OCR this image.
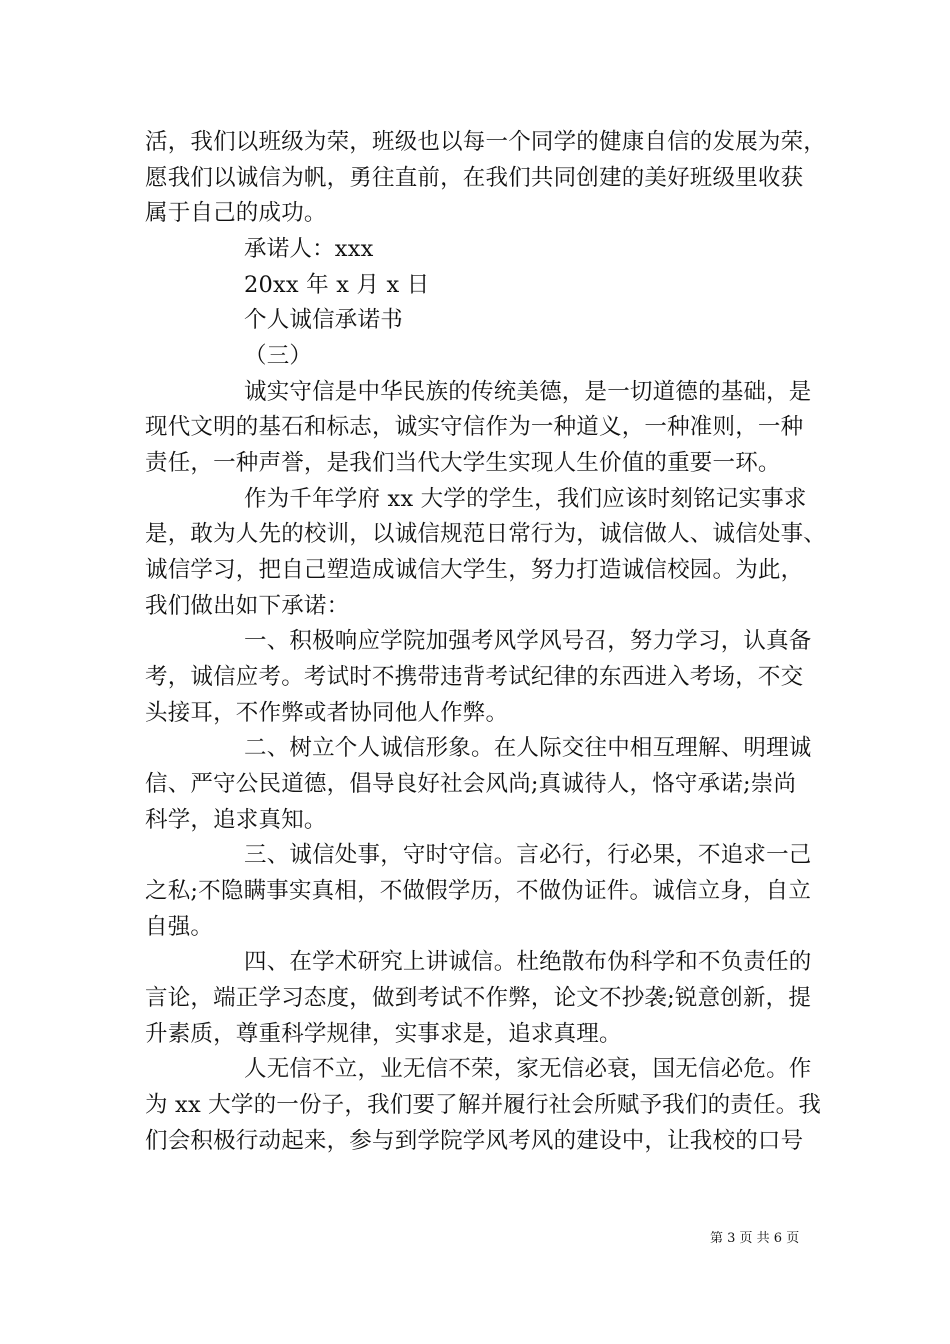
活，我们以班级为荣，班级也以每一个同学的健康自信的发展为荣，
愿我们以诚信为帆，勇往直前，在我们共同创建的美好班级里收获
属于自己的成功。
承诺人：xxx
20xx 年 x 月 x 日
个人诚信承诺书
（三）
诚实守信是中华民族的传统美德，是一切道德的基础，是
现代文明的基石和标志，诚实守信作为一种道义，一种准则，一种
责任，一种声誉，是我们当代大学生实现人生价值的重要一环。
作为千年学府 xx 大学的学生，我们应该时刻铭记实事求
是，敢为人先的校训，以诚信规范日常行为，诚信做人、诚信处事、
诚信学习，把自己塑造成诚信大学生，努力打造诚信校园。为此，
我们做出如下承诺：
一、积极响应学院加强考风学风号召，努力学习，认真备
考，诚信应考。考试时不携带违背考试纪律的东西进入考场，不交
头接耳，不作弊或者协同他人作弊。
二、树立个人诚信形象。在人际交往中相互理解、明理诚
信、严守公民道德，倡导良好社会风尚;真诚待人，恪守承诺;崇尚
科学，追求真知。
三、诚信处事，守时守信。言必行，行必果，不追求一己
之私;不隐瞒事实真相，不做假学历，不做伪证件。诚信立身，自立
自强。
四、在学术研究上讲诚信。杜绝散布伪科学和不负责任的
言论，端正学习态度，做到考试不作弊，论文不抄袭;锐意创新，提
升素质，尊重科学规律，实事求是，追求真理。
人无信不立，业无信不荣，家无信必衰，国无信必危。作
为 xx 大学的一份子，我们要了解并履行社会所赋予我们的责任。我
们会积极行动起来，参与到学院学风考风的建设中，让我校的口号
第 3 页 共 6 页
